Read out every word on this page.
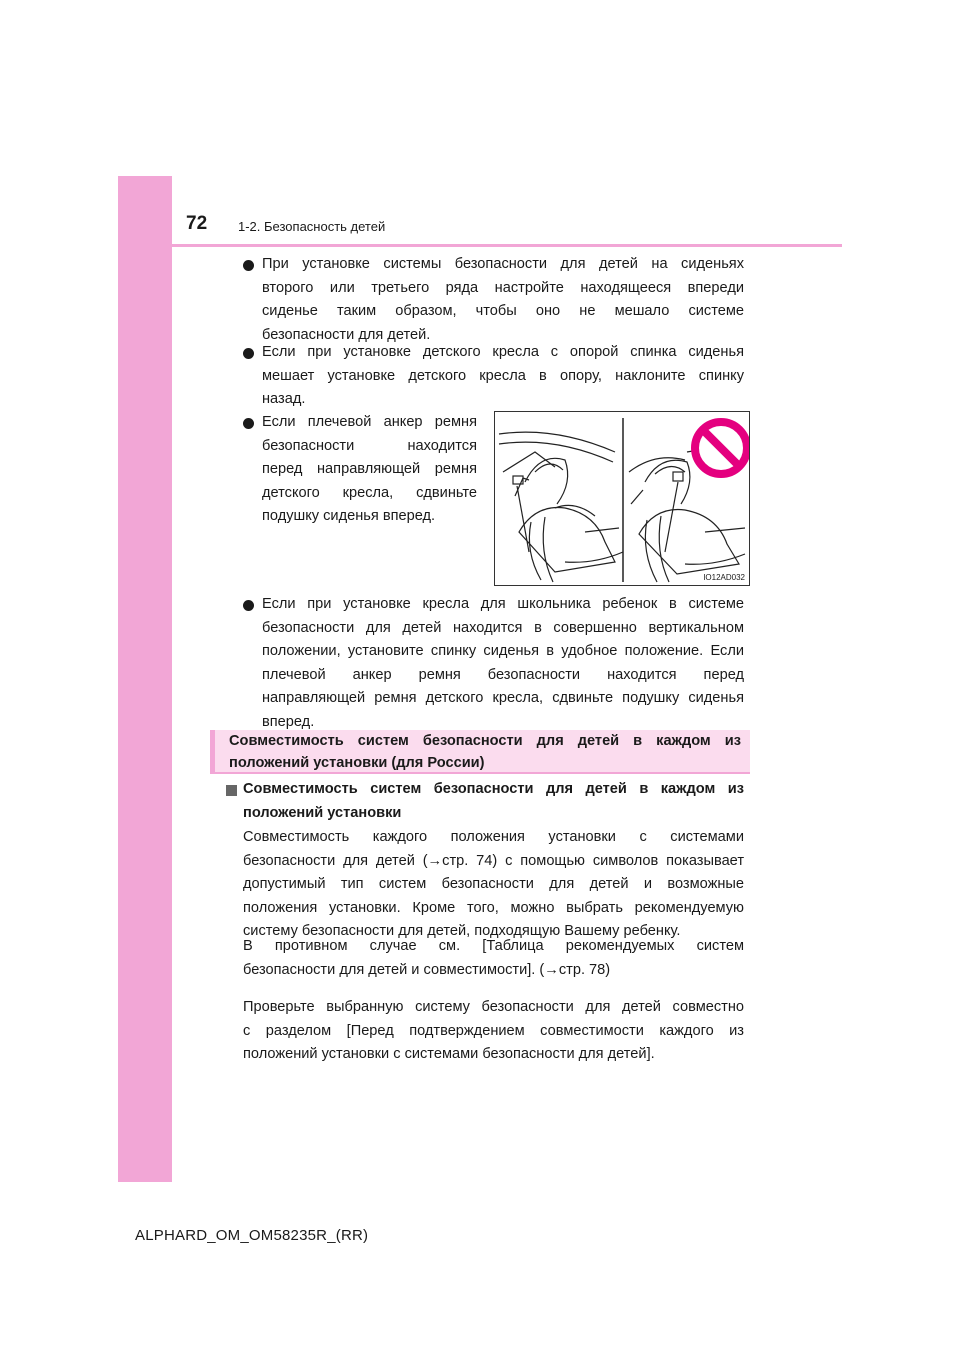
72 1-2. Безопасность детей
При установке системы безопасности для детей на сиденьях
второго или третьего ряда настройте находящееся впереди
сиденье таким образом, чтобы оно не мешало системе
безопасности для детей.
Если при установке детского кресла с опорой спинка сиденья
мешает установке детского кресла в опору, наклоните спинку
назад.
Если плечевой анкер ремня
безопасности находится
перед направляющей ремня
детского кресла, сдвиньте
подушку сиденья вперед.
IO12AD032
Если при установке кресла для школьника ребенок в системе
безопасности для детей находится в совершенно вертикальном
положении, установите спинку сиденья в удобное положение. Если
плечевой анкер ремня безопасности находится перед
направляющей ремня детского кресла, сдвиньте подушку сиденья
вперед.
Совместимость систем безопасности для детей в каждом из
положений установки (для России)
Совместимость систем безопасности для детей в каждом из
положений установки
Совместимость каждого положения установки с системами
безопасности для детей (→стр. 74) с помощью символов показывает
допустимый тип систем безопасности для детей и возможные
положения установки. Кроме того, можно выбрать рекомендуемую
систему безопасности для детей, подходящую Вашему ребенку.
В противном случае см. [Таблица рекомендуемых систем
безопасности для детей и совместимости]. (→стр. 78)
Проверьте выбранную систему безопасности для детей совместно
с разделом [Перед подтверждением совместимости каждого из
положений установки с системами безопасности для детей].
ALPHARD_OM_OM58235R_(RR)
